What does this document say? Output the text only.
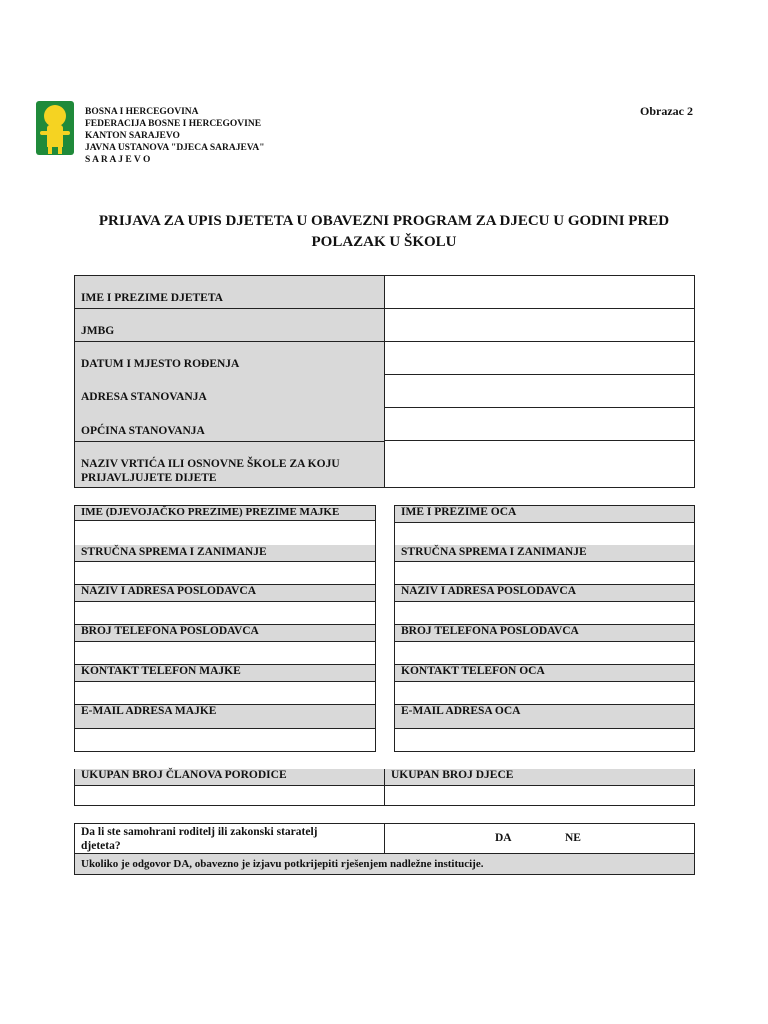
BOSNA I HERCEGOVINA
FEDERACIJA BOSNE I HERCEGOVINE
KANTON SARAJEVO
JAVNA USTANOVA "DJECA SARAJEVA"
S A R A J E V O
Obrazac 2
PRIJAVA ZA UPIS DJETETA U OBAVEZNI PROGRAM ZA DJECU U GODINI PRED
POLAZAK U ŠKOLU
IME I PREZIME DJETETA
JMBG
DATUM I MJESTO ROĐENJA
ADRESA STANOVANJA
OPĆINA STANOVANJA
NAZIV VRTIĆA ILI OSNOVNE ŠKOLE ZA KOJU
PRIJAVLJUJETE DIJETE
IME (DJEVOJAČKO PREZIME) PREZIME MAJKE
STRUČNA SPREMA I ZANIMANJE
NAZIV I ADRESA POSLODAVCA
BROJ TELEFONA POSLODAVCA
KONTAKT TELEFON MAJKE
E-MAIL ADRESA MAJKE
IME I PREZIME OCA
STRUČNA SPREMA I ZANIMANJE
NAZIV I ADRESA POSLODAVCA
BROJ TELEFONA POSLODAVCA
KONTAKT TELEFON OCA
E-MAIL ADRESA OCA
UKUPAN BROJ ČLANOVA PORODICE	UKUPAN BROJ DJECE
Da li ste samohrani roditelj ili zakonski staratelj
djeteta?
DA	NE
Ukoliko je odgovor DA, obavezno je izjavu potkrijepiti rješenjem nadležne institucije.
